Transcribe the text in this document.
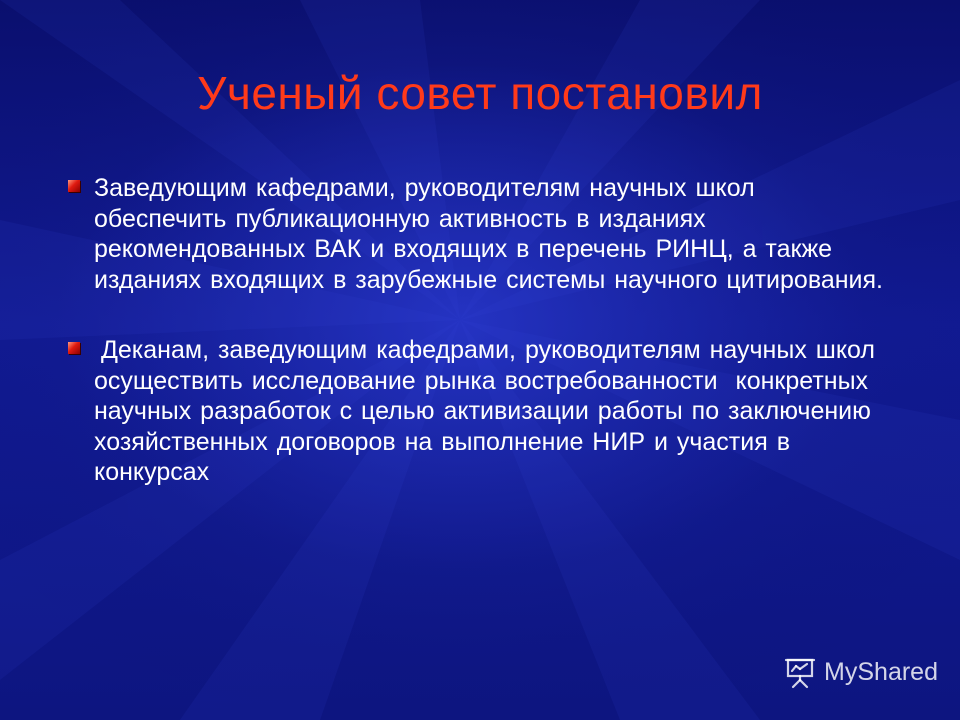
Ученый совет постановил
Заведующим кафедрами, руководителям научных школ обеспечить публикационную активность в изданиях рекомендованных ВАК и входящих в перечень РИНЦ, а также изданиях входящих в зарубежные системы научного цитирования.
Деканам, заведующим кафедрами, руководителям научных школ  осуществить исследование рынка востребованности  конкретных научных разработок с целью активизации работы по заключению хозяйственных договоров на выполнение НИР и участия в конкурсах
MyShared
